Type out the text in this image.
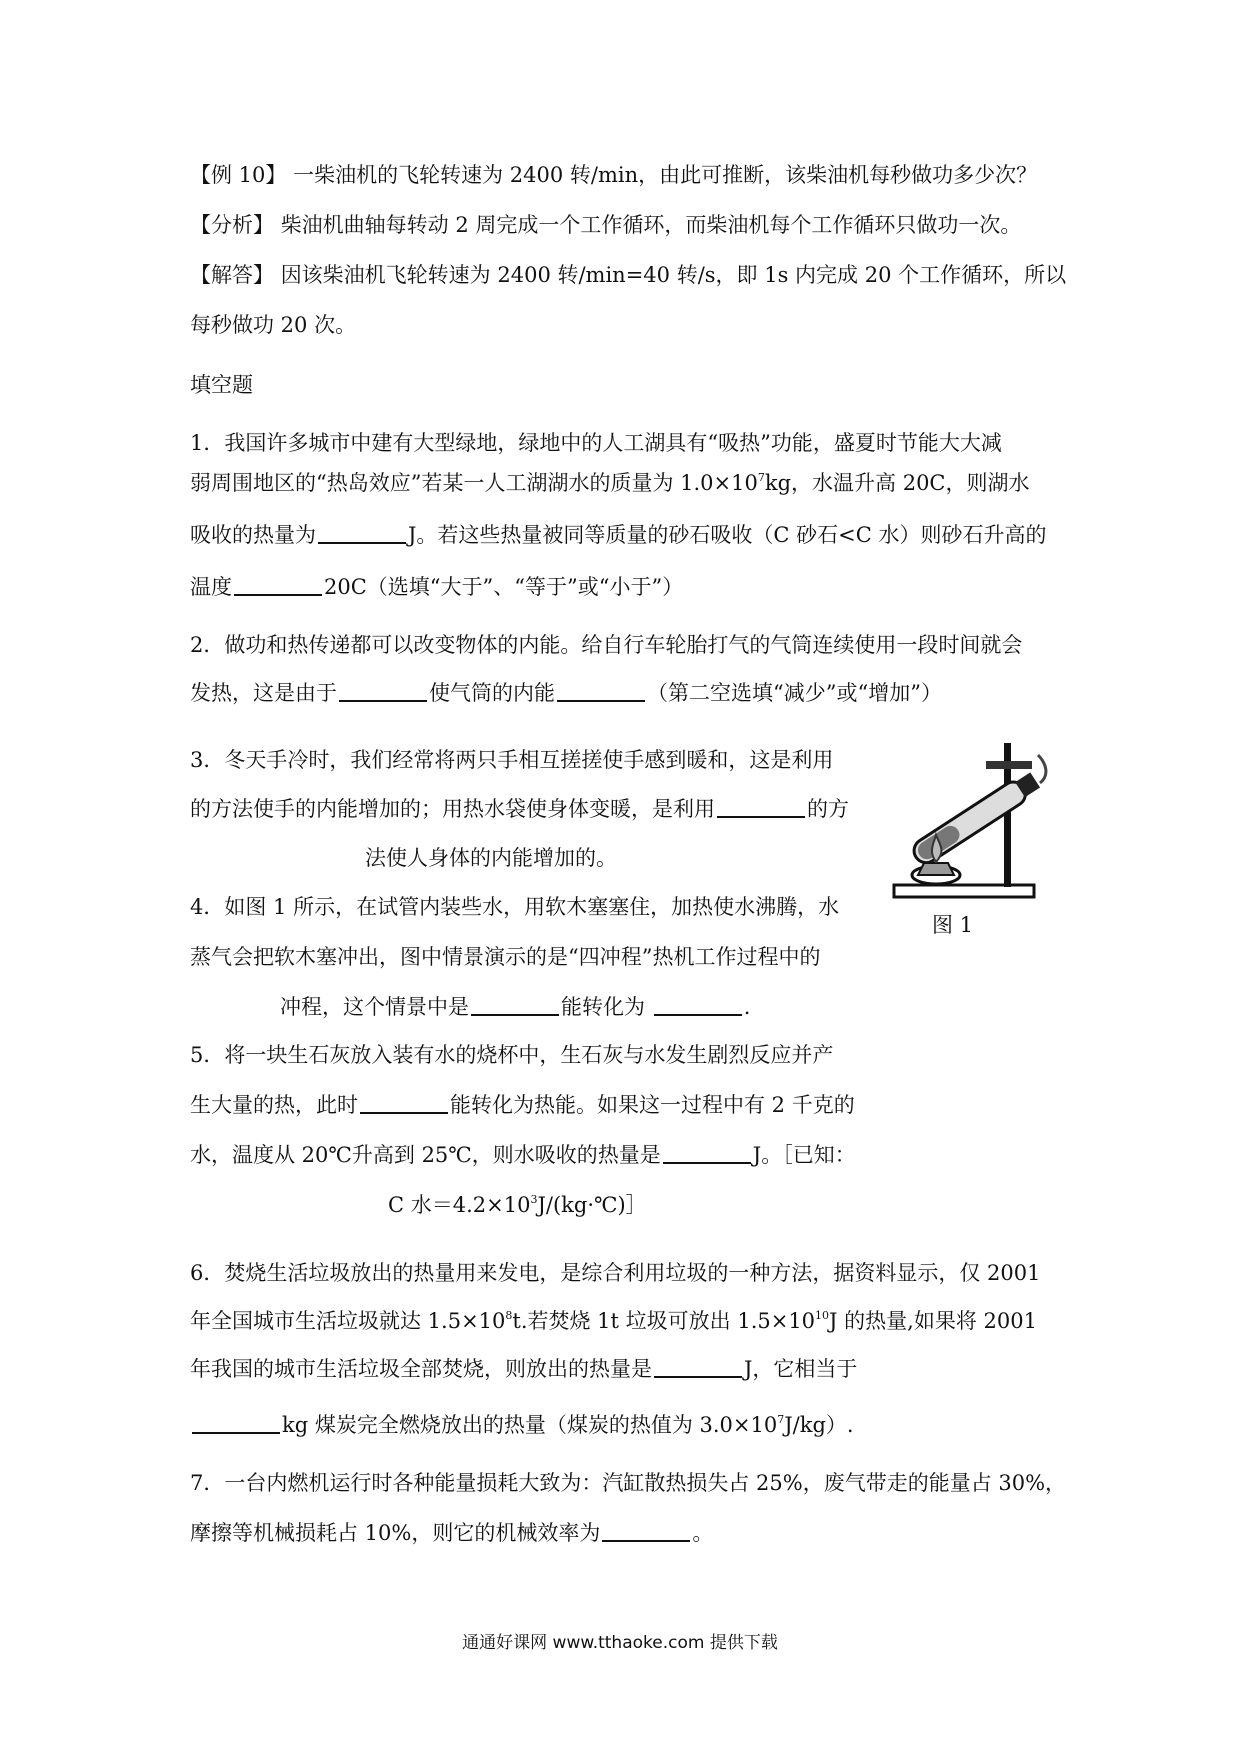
【例 10】 一柴油机的飞轮转速为 2400 转/min，由此可推断，该柴油机每秒做功多少次？
【分析】 柴油机曲轴每转动 2 周完成一个工作循环，而柴油机每个工作循环只做功一次。
【解答】 因该柴油机飞轮转速为 2400 转/min=40 转/s，即 1s 内完成 20 个工作循环，所以
每秒做功 20 次。
填空题
1．我国许多城市中建有大型绿地，绿地中的人工湖具有“吸热”功能，盛夏时节能大大减
弱周围地区的“热岛效应”若某一人工湖湖水的质量为 $1.0\times 10^7kg$，水温升高 20C，则湖水
吸收的热量为	J。若这些热量被同等质量的砂石吸收（C 砂石<C 水）则砂石升高的
温度	20C（选填“大于”、“等于”或“小于”）
2．做功和热传递都可以改变物体的内能。给自行车轮胎打气的气筒连续使用一段时间就会
发热，这是由于	使气筒的内能	（第二空选填“减少”或“增加”）
3．冬天手冷时，我们经常将两只手相互搓搓使手感到暖和，这是利用
的方法使手的内能增加的；用热水袋使身体变暖，是利用	的方
法使人身体的内能增加的。
图 1
4．如图 1 所示，在试管内装些水，用软木塞塞住，加热使水沸腾，水
蒸气会把软木塞冲出，图中情景演示的是“四冲程”热机工作过程中的
冲程，这个情景中是	能转化为	.
5．将一块生石灰放入装有水的烧杯中，生石灰与水发生剧烈反应并产
生大量的热，此时	能转化为热能。如果这一过程中有 2 千克的
水，温度从 20℃升高到 25℃，则水吸收的热量是	J。［已知：
C 水$=4.2\times 10^3J/(kg\cdot℃)]$
6．焚烧生活垃圾放出的热量用来发电，是综合利用垃圾的一种方法，据资料显示，仅 2001
年全国城市生活垃圾就达 $1.5\times 10^8t$.若焚烧 1t 垃圾可放出 $1.5\times 10^{10}J$ 的热量,如果将 2001
年我国的城市生活垃圾全部焚烧，则放出的热量是	J，它相当于
kg 煤炭完全燃烧放出的热量（煤炭的热值为 $3.0\times 10^7J/kg$）.
7．一台内燃机运行时各种能量损耗大致为：汽缸散热损失占 25%，废气带走的能量占 30%，
摩擦等机械损耗占 10%，则它的机械效率为	。
通通好课网 www.tthaoke.com 提供下载
